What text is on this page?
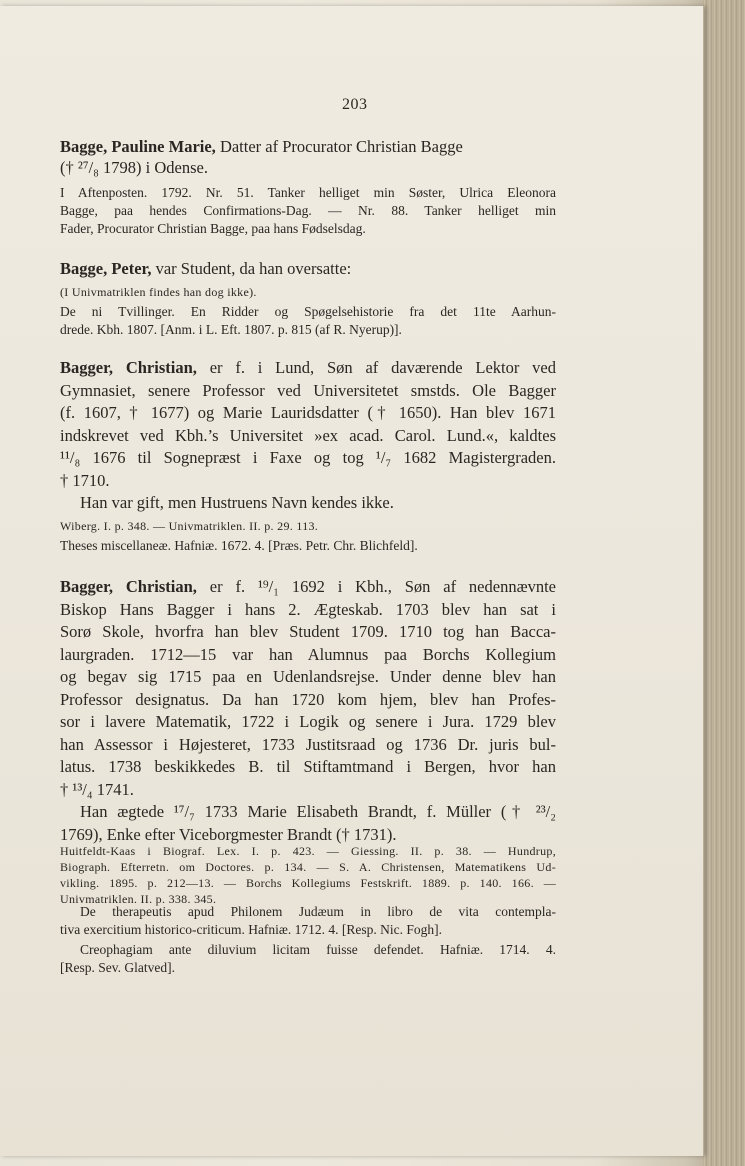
203
Bagge, Pauline Marie, Datter af Procurator Christian Bagge
(† ²⁷/₈ 1798) i Odense.
I Aftenposten. 1792. Nr. 51. Tanker helliget min Søster, Ulrica Eleonora
Bagge, paa hendes Confirmations-Dag. — Nr. 88. Tanker helliget min
Fader, Procurator Christian Bagge, paa hans Fødselsdag.
Bagge, Peter, var Student, da han oversatte:
(I Univmatriklen findes han dog ikke).
De ni Tvillinger. En Ridder og Spøgelsehistorie fra det 11te Aarhun-
drede. Kbh. 1807. [Anm. i L. Eft. 1807. p. 815 (af R. Nyerup)].
Bagger, Christian, er f. i Lund, Søn af daværende Lektor ved
Gymnasiet, senere Professor ved Universitetet smstds. Ole Bagger
(f. 1607, † 1677) og Marie Lauridsdatter († 1650). Han blev 1671
indskrevet ved Kbh.’s Universitet »ex acad. Carol. Lund.«, kaldtes
¹¹/₈ 1676 til Sognepræst i Faxe og tog ¹/₇ 1682 Magistergraden.
† 1710.
Han var gift, men Hustruens Navn kendes ikke.
Wiberg. I. p. 348. — Univmatriklen. II. p. 29. 113.
Theses miscellaneæ. Hafniæ. 1672. 4. [Præs. Petr. Chr. Blichfeld].
Bagger, Christian, er f. ¹⁹/₁ 1692 i Kbh., Søn af nedennævnte
Biskop Hans Bagger i hans 2. Ægteskab. 1703 blev han sat i
Sorø Skole, hvorfra han blev Student 1709. 1710 tog han Bacca-
laurgraden. 1712—15 var han Alumnus paa Borchs Kollegium
og begav sig 1715 paa en Udenlandsrejse. Under denne blev han
Professor designatus. Da han 1720 kom hjem, blev han Profes-
sor i lavere Matematik, 1722 i Logik og senere i Jura. 1729 blev
han Assessor i Højesteret, 1733 Justitsraad og 1736 Dr. juris bul-
latus. 1738 beskikkedes B. til Stiftamtmand i Bergen, hvor han
† ¹³/₄ 1741.
Han ægtede ¹⁷/₇ 1733 Marie Elisabeth Brandt, f. Müller († ²³/₂
1769), Enke efter Viceborgmester Brandt († 1731).
Huitfeldt-Kaas i Biograf. Lex. I. p. 423. — Giessing. II. p. 38. — Hundrup,
Biograph. Efterretn. om Doctores. p. 134. — S. A. Christensen, Matematikens Ud-
vikling. 1895. p. 212—13. — Borchs Kollegiums Festskrift. 1889. p. 140. 166. —
Univmatriklen. II. p. 338. 345.
De therapeutis apud Philonem Judæum in libro de vita contempla-
tiva exercitium historico-criticum. Hafniæ. 1712. 4. [Resp. Nic. Fogh].
Creophagiam ante diluvium licitam fuisse defendet. Hafniæ. 1714. 4.
[Resp. Sev. Glatved].
